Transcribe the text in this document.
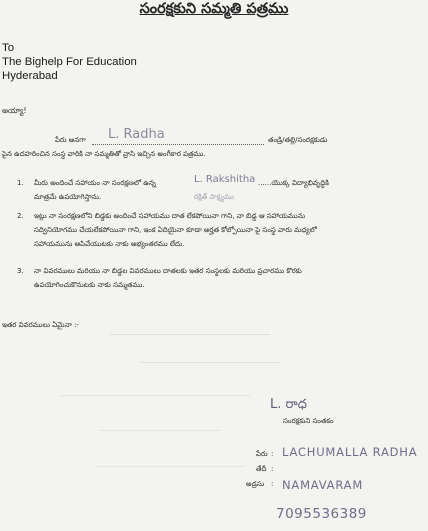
సంరక్షకుని సమ్మతి పత్రము
To
The Bighelp For Education
Hyderabad
అయ్యా!
పేరు అనగా L. Radha	తండ్రి/తల్లి/సంరక్షకుడు
పైన ఉదహరించిన సంస్థ వారికి నా సమ్మతితో వ్రాసి ఇచ్చిన అంగీకార పత్రము.
1. మీరు అందించే సహాయం నా సంరక్షణలో ఉన్న	L. Rakshitha ......యొక్క విద్యాభివృద్ధికి
మాత్రమే ఉపయోగిస్తాను.	రక్షిత్ సాక్ష్యము
2. ఇట్లు నా సంరక్షణలోని బిడ్డకు అందించే సహాయము దాత లేకపోయినా గాని, నా బిడ్డ ఆ సహాయమును
సద్వినియోగము చేయలేకపోయినా గాని, ఇంక ఏదియైనా కూడా అర్హత కోల్పోయినా పై సంస్థ వారు మధ్యలో
సహాయమును ఆపివేయుటకు నాకు అభ్యంతరము లేదు.
3. నా వివరములు మరియు నా బిడ్డల వివరములు దాతలకు ఇతర సంస్థలకు మరియు ప్రచారము కొరకు
ఉపయోగించుకొనుటకు నాకు సమ్మతము.
ఇతర వివరములు ఏమైనా :-
L. రాధ
సంరక్షకుని సంతకం
పేరు : LACHUMALLA RADHA
తేదీ :
అడ్రసు : NAMAVARAM
7095536389
